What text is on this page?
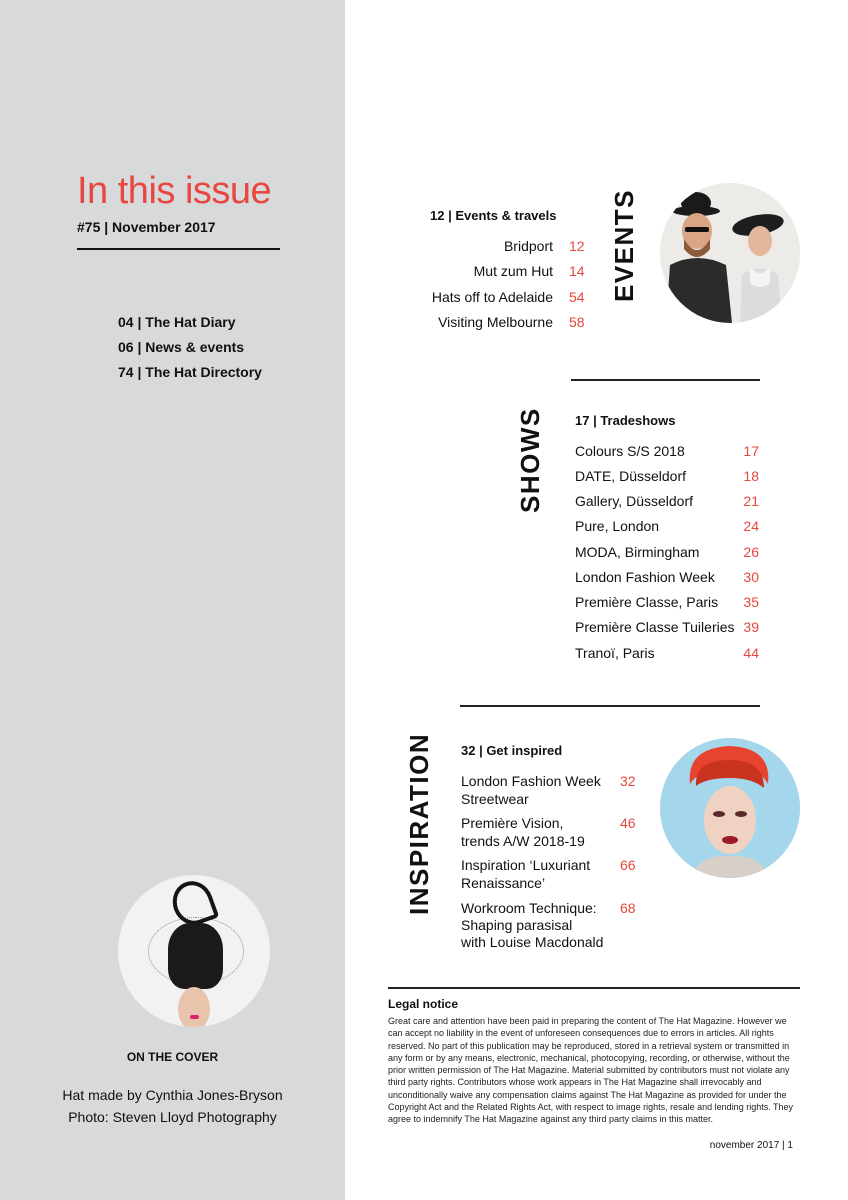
In this issue
#75 | November 2017
04 | The Hat Diary
06 | News & events
74 | The Hat Directory
ON THE COVER
Hat made by Cynthia Jones-Bryson
Photo: Steven Lloyd Photography
12 | Events & travels
Bridport 12
Mut zum Hut 14
Hats off to Adelaide 54
Visiting Melbourne 58
EVENTS
SHOWS 17 | Tradeshows
Colours S/S 2018	17
DATE, Düsseldorf	18
Gallery, Düsseldorf	21
Pure, London	24
MODA, Birmingham	26
London Fashion Week 30
Première Classe, Paris 35
Première Classe Tuileries 39
Tranoï, Paris	44
INSPIRATION 32 | Get inspired
London Fashion Week
Streetwear
32
Première Vision,
trends A/W 2018-19
46
Inspiration ‘Luxuriant
Renaissance’
66
Workroom Technique:
Shaping parasisal
with Louise Macdonald
68
Legal notice
Great care and attention have been paid in preparing the content of The Hat Magazine. However we can accept no liability in the event of unforeseen consequences due to errors in articles. All rights reserved. No part of this publication may be reproduced, stored in a retrieval system or transmitted in any form or by any means, electronic, mechanical, photocopying, recording, or otherwise, without the prior written permission of The Hat Magazine. Material submitted by contributors must not violate any third party rights. Contributors whose work appears in The Hat Magazine shall irrevocably and unconditionally waive any compensation claims against The Hat Magazine as provided for under the Copyright Act and the Related Rights Act, with respect to image rights, resale and lending rights. They agree to indemnify The Hat Magazine against any third party claims in this matter.
november 2017 | 1
